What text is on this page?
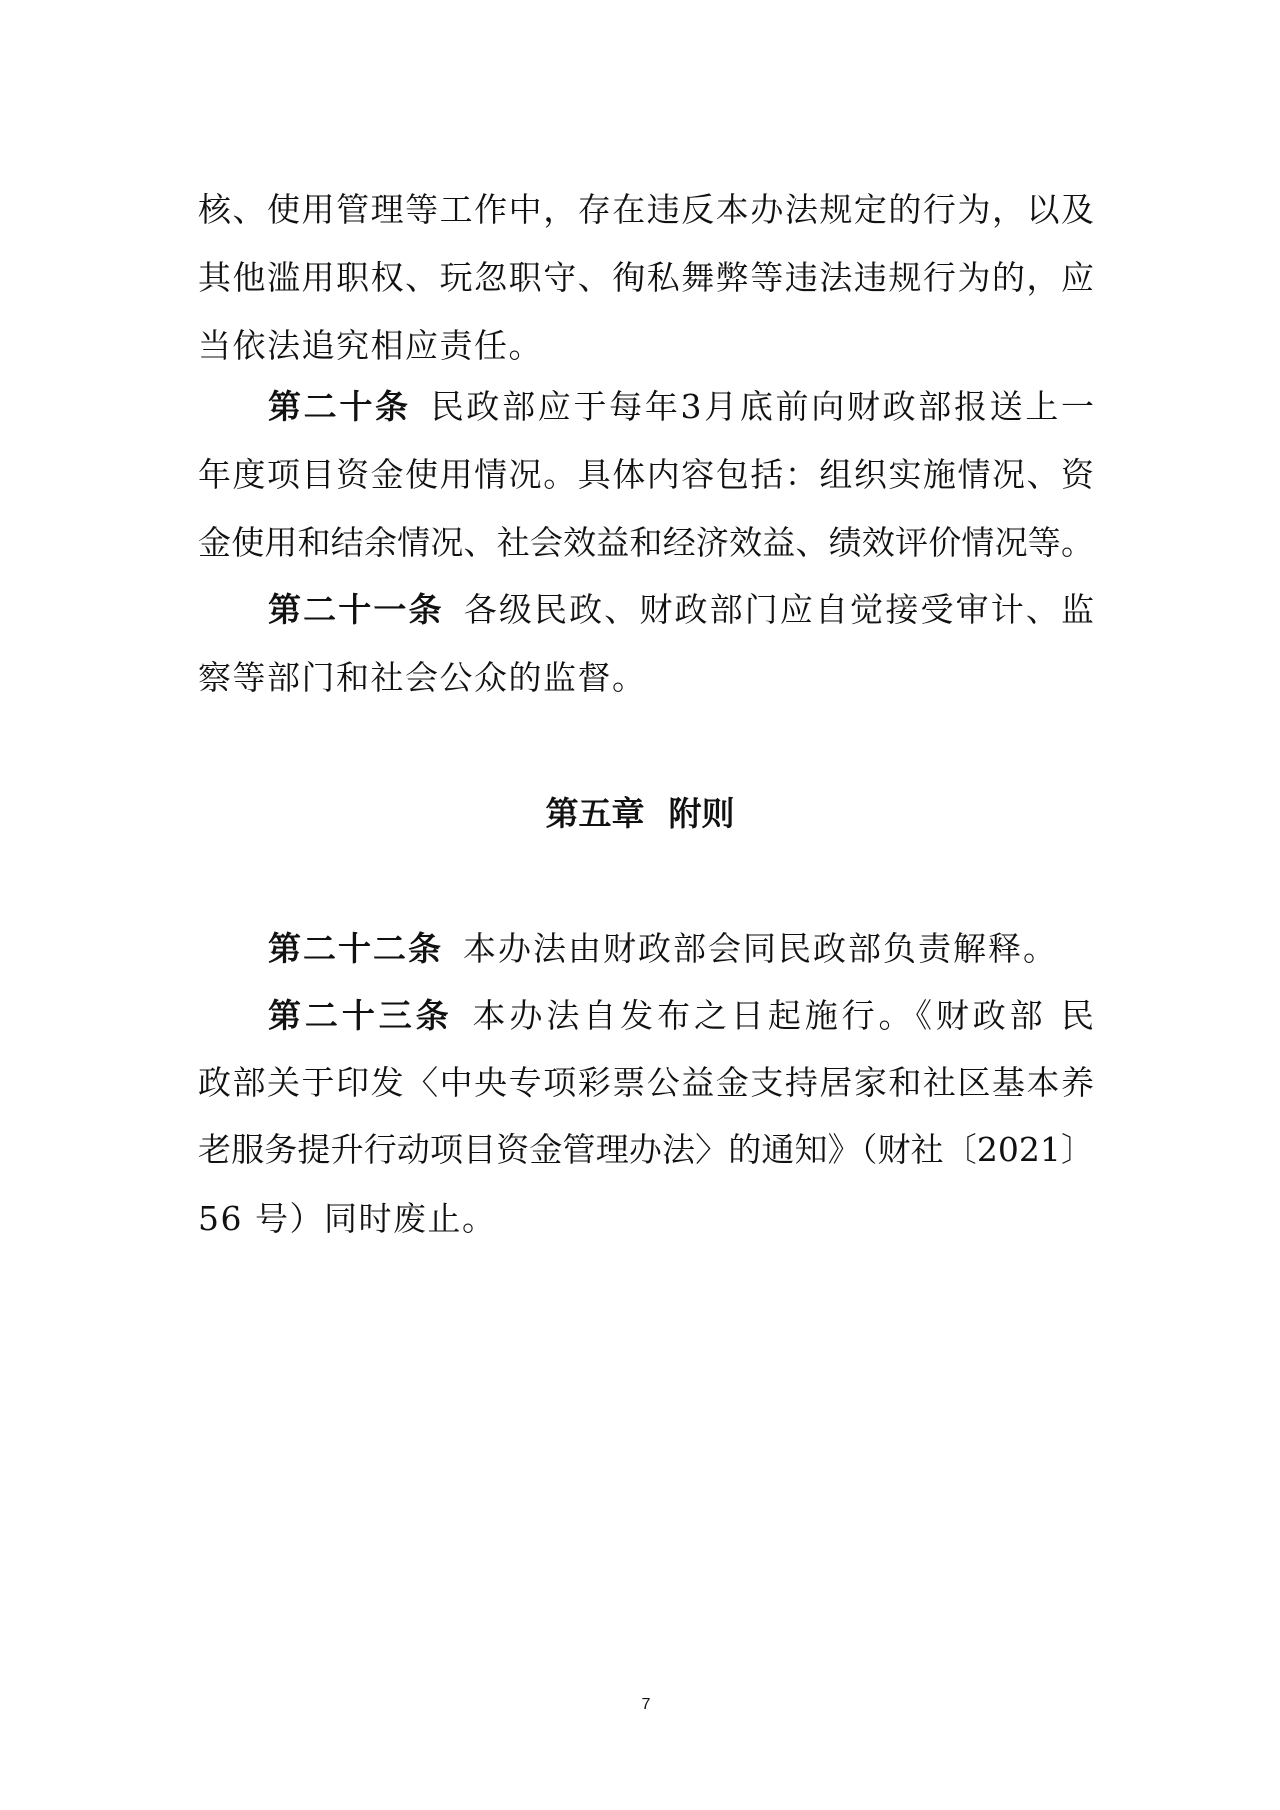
核、使用管理等工作中，存在违反本办法规定的行为，以及
其他滥用职权、玩忽职守、徇私舞弊等违法违规行为的，应
当依法追究相应责任。
第二十条 民政部应于每年3月底前向财政部报送上一
年度项目资金使用情况。具体内容包括：组织实施情况、资
金使用和结余情况、社会效益和经济效益、绩效评价情况等。
第二十一条 各级民政、财政部门应自觉接受审计、监
察等部门和社会公众的监督。
第五章 附则
第二十二条 本办法由财政部会同民政部负责解释。
第二十三条 本办法自发布之日起施行。《财政部 民
政部关于印发〈中央专项彩票公益金支持居家和社区基本养
老服务提升行动项目资金管理办法〉的通知》（财社〔2021〕
56 号）同时废止。
7
